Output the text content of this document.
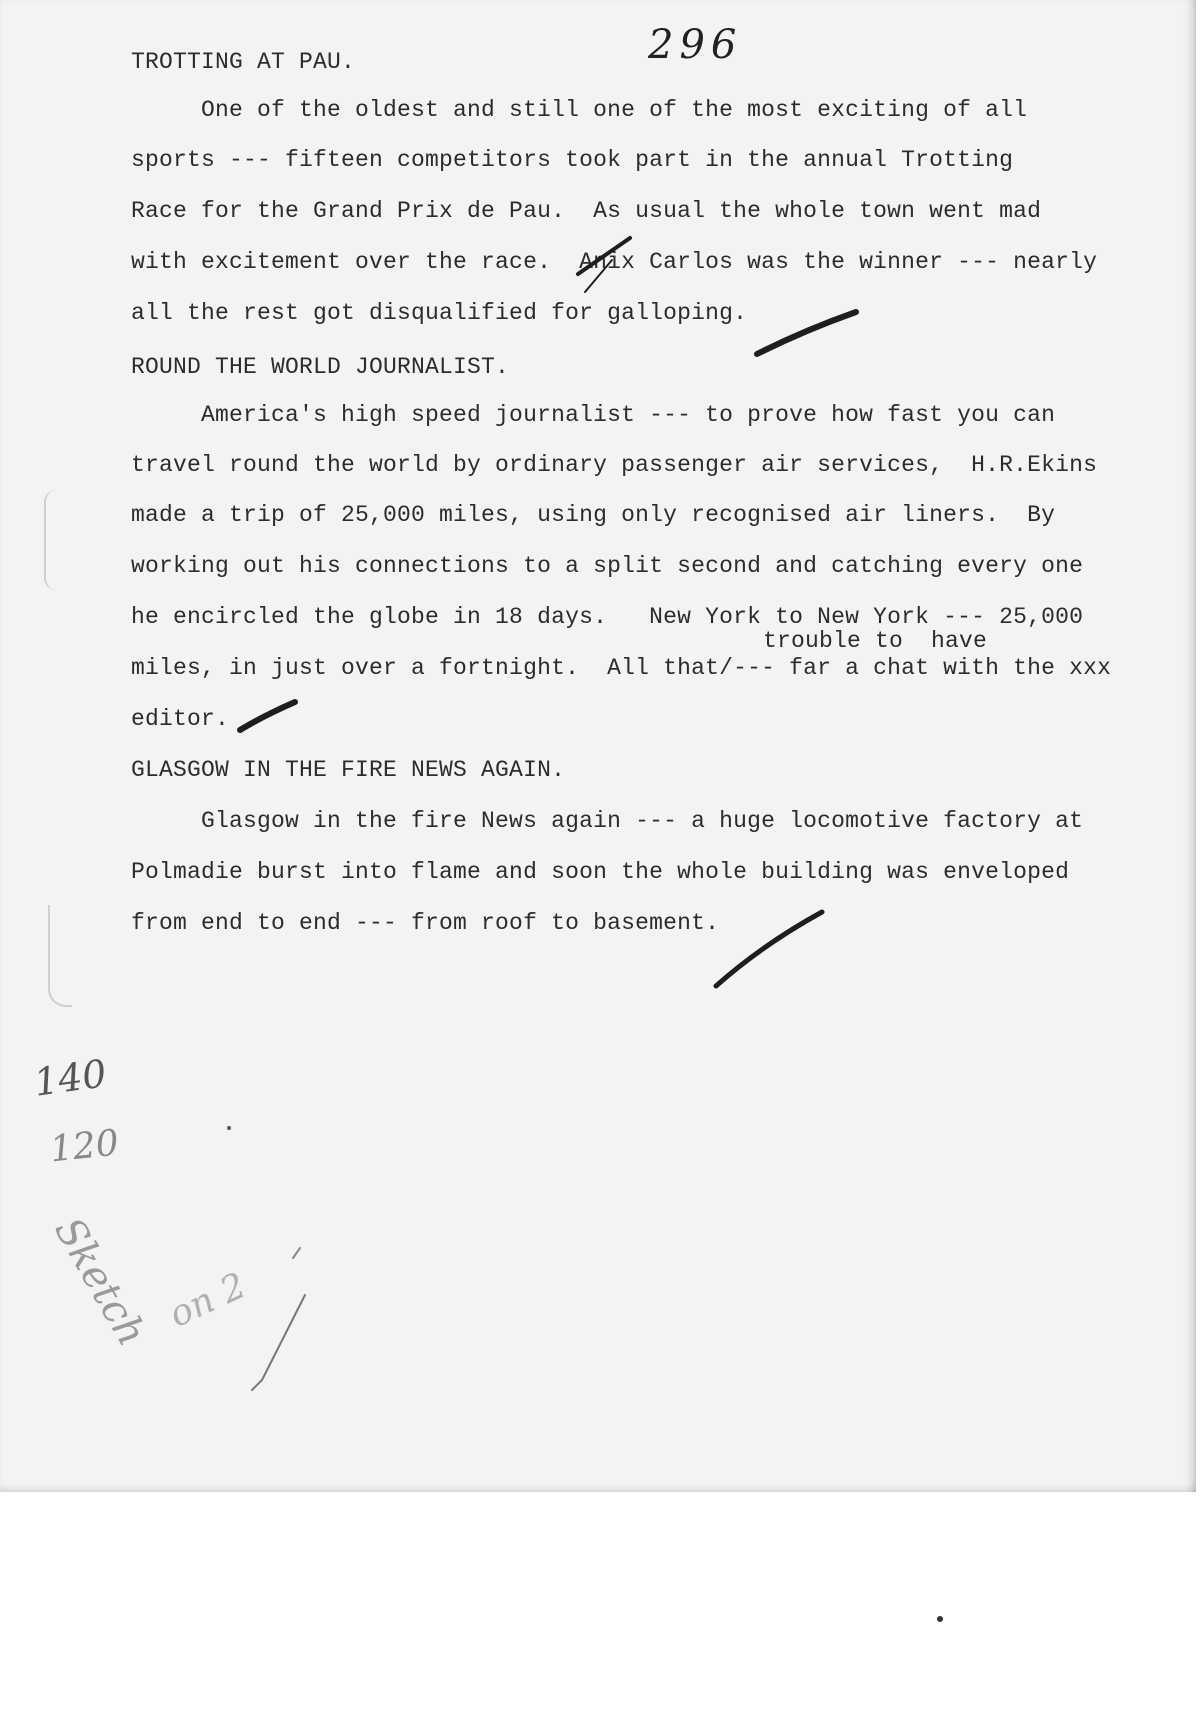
296
TROTTING AT PAU.
One of the oldest and still one of the most exciting of all
sports --- fifteen competitors took part in the annual Trotting
Race for the Grand Prix de Pau.  As usual the whole town went mad
with excitement over the race.  Anix Carlos was the winner --- nearly
all the rest got disqualified for galloping.
ROUND THE WORLD JOURNALIST.
America's high speed journalist --- to prove how fast you can
travel round the world by ordinary passenger air services,  H.R.Ekins
made a trip of 25,000 miles, using only recognised air liners.  By
working out his connections to a split second and catching every one
he encircled the globe in 18 days.   New York to New York --- 25,000
trouble to  have
miles, in just over a fortnight.  All that/--- far a chat with the xxx
editor.
GLASGOW IN THE FIRE NEWS AGAIN.
Glasgow in the fire News again --- a huge locomotive factory at
Polmadie burst into flame and soon the whole building was enveloped
from end to end --- from roof to basement.
140
120
Sketch on 2
